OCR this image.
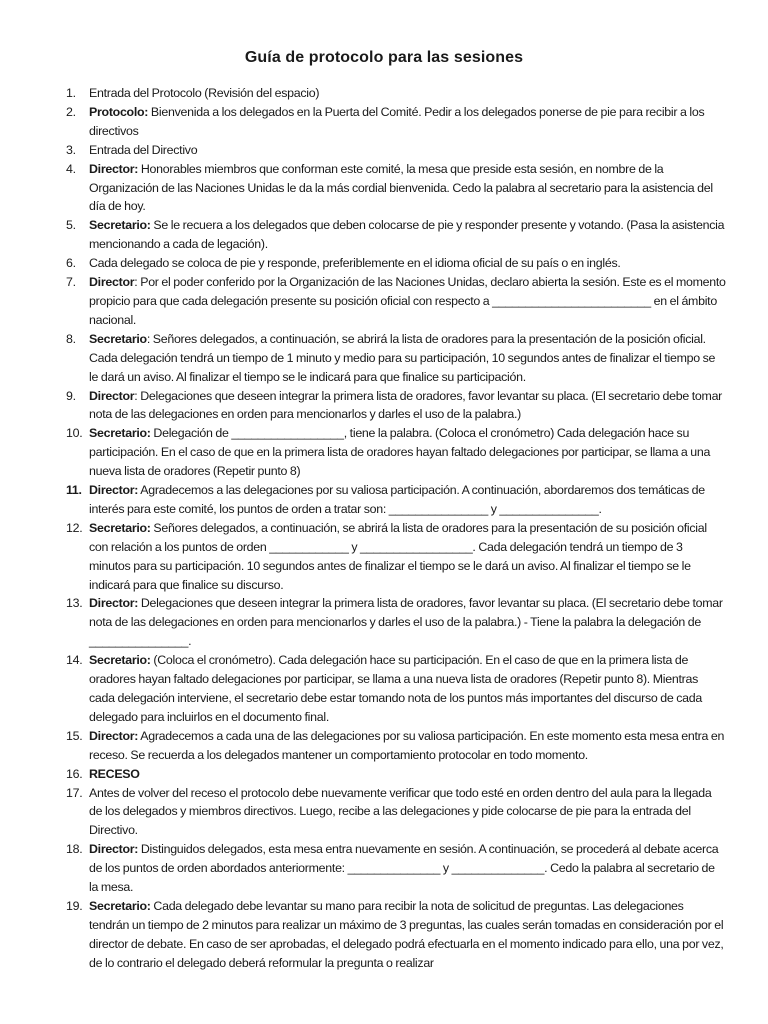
Guía de protocolo para las sesiones
1. Entrada del Protocolo (Revisión del espacio)
2. Protocolo: Bienvenida a los delegados en la Puerta del Comité. Pedir a los delegados ponerse de pie para recibir a los directivos
3. Entrada del Directivo
4. Director: Honorables miembros que conforman este comité, la mesa que preside esta sesión, en nombre de la Organización de las Naciones Unidas le da la más cordial bienvenida. Cedo la palabra al secretario para la asistencia del día de hoy.
5. Secretario: Se le recuera a los delegados que deben colocarse de pie y responder presente y votando. (Pasa la asistencia mencionando a cada de legación).
6. Cada delegado se coloca de pie y responde, preferiblemente en el idioma oficial de su país o en inglés.
7. Director: Por el poder conferido por la Organización de las Naciones Unidas, declaro abierta la sesión. Este es el momento propicio para que cada delegación presente su posición oficial con respecto a ________________________ en el ámbito nacional.
8. Secretario: Señores delegados, a continuación, se abrirá la lista de oradores para la presentación de la posición oficial. Cada delegación tendrá un tiempo de 1 minuto y medio para su participación, 10 segundos antes de finalizar el tiempo se le dará un aviso. Al finalizar el tiempo se le indicará para que finalice su participación.
9. Director: Delegaciones que deseen integrar la primera lista de oradores, favor levantar su placa. (El secretario debe tomar nota de las delegaciones en orden para mencionarlos y darles el uso de la palabra.)
10. Secretario: Delegación de _________________, tiene la palabra. (Coloca el cronómetro) Cada delegación hace su participación. En el caso de que en la primera lista de oradores hayan faltado delegaciones por participar, se llama a una nueva lista de oradores (Repetir punto 8)
11. Director: Agradecemos a las delegaciones por su valiosa participación. A continuación, abordaremos dos temáticas de interés para este comité, los puntos de orden a tratar son: _______________ y _______________.
12. Secretario: Señores delegados, a continuación, se abrirá la lista de oradores para la presentación de su posición oficial con relación a los puntos de orden ____________ y _________________. Cada delegación tendrá un tiempo de 3 minutos para su participación. 10 segundos antes de finalizar el tiempo se le dará un aviso. Al finalizar el tiempo se le indicará para que finalice su discurso.
13. Director: Delegaciones que deseen integrar la primera lista de oradores, favor levantar su placa. (El secretario debe tomar nota de las delegaciones en orden para mencionarlos y darles el uso de la palabra.) - Tiene la palabra la delegación de _______________.
14. Secretario: (Coloca el cronómetro). Cada delegación hace su participación. En el caso de que en la primera lista de oradores hayan faltado delegaciones por participar, se llama a una nueva lista de oradores (Repetir punto 8). Mientras cada delegación interviene, el secretario debe estar tomando nota de los puntos más importantes del discurso de cada delegado para incluirlos en el documento final.
15. Director: Agradecemos a cada una de las delegaciones por su valiosa participación. En este momento esta mesa entra en receso. Se recuerda a los delegados mantener un comportamiento protocolar en todo momento.
16. RECESO
17. Antes de volver del receso el protocolo debe nuevamente verificar que todo esté en orden dentro del aula para la llegada de los delegados y miembros directivos. Luego, recibe a las delegaciones y pide colocarse de pie para la entrada del Directivo.
18. Director: Distinguidos delegados, esta mesa entra nuevamente en sesión. A continuación, se procederá al debate acerca de los puntos de orden abordados anteriormente: ______________ y ______________. Cedo la palabra al secretario de la mesa.
19. Secretario: Cada delegado debe levantar su mano para recibir la nota de solicitud de preguntas. Las delegaciones tendrán un tiempo de 2 minutos para realizar un máximo de 3 preguntas, las cuales serán tomadas en consideración por el director de debate. En caso de ser aprobadas, el delegado podrá efectuarla en el momento indicado para ello, una por vez, de lo contrario el delegado deberá reformular la pregunta o realizar
